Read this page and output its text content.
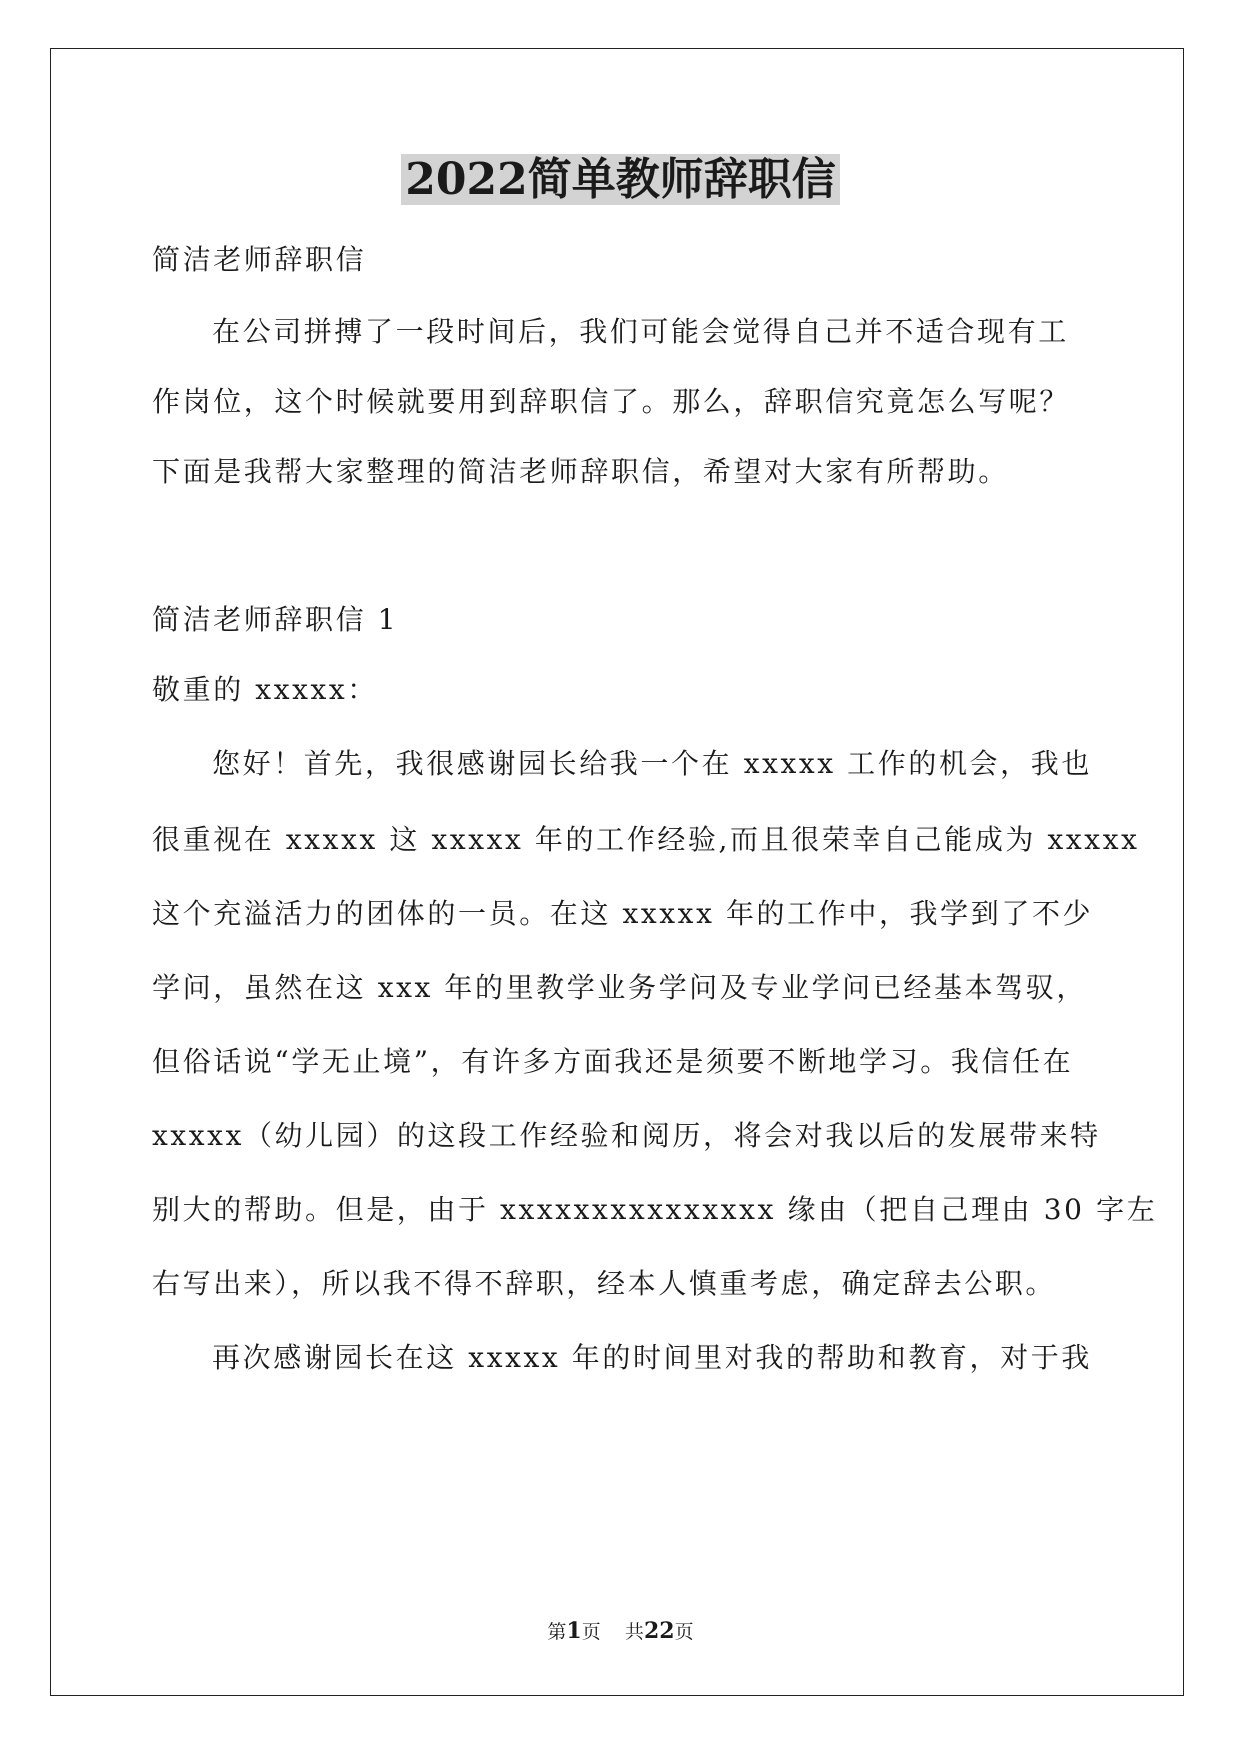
2022简单教师辞职信
简洁老师辞职信
在公司拼搏了一段时间后，我们可能会觉得自己并不适合现有工
作岗位，这个时候就要用到辞职信了。那么，辞职信究竟怎么写呢？
下面是我帮大家整理的简洁老师辞职信，希望对大家有所帮助。
简洁老师辞职信 1
敬重的 xxxxx：
您好！首先，我很感谢园长给我一个在 xxxxx 工作的机会，我也
很重视在 xxxxx 这 xxxxx 年的工作经验,而且很荣幸自己能成为 xxxxx
这个充溢活力的团体的一员。在这 xxxxx 年的工作中，我学到了不少
学问，虽然在这 xxx 年的里教学业务学问及专业学问已经基本驾驭，
但俗话说“学无止境”，有许多方面我还是须要不断地学习。我信任在
xxxxx（幼儿园）的这段工作经验和阅历，将会对我以后的发展带来特
别大的帮助。但是，由于 xxxxxxxxxxxxxxx 缘由（把自己理由 30 字左
右写出来），所以我不得不辞职，经本人慎重考虑，确定辞去公职。
再次感谢园长在这 xxxxx 年的时间里对我的帮助和教育，对于我
第1页 共22页
